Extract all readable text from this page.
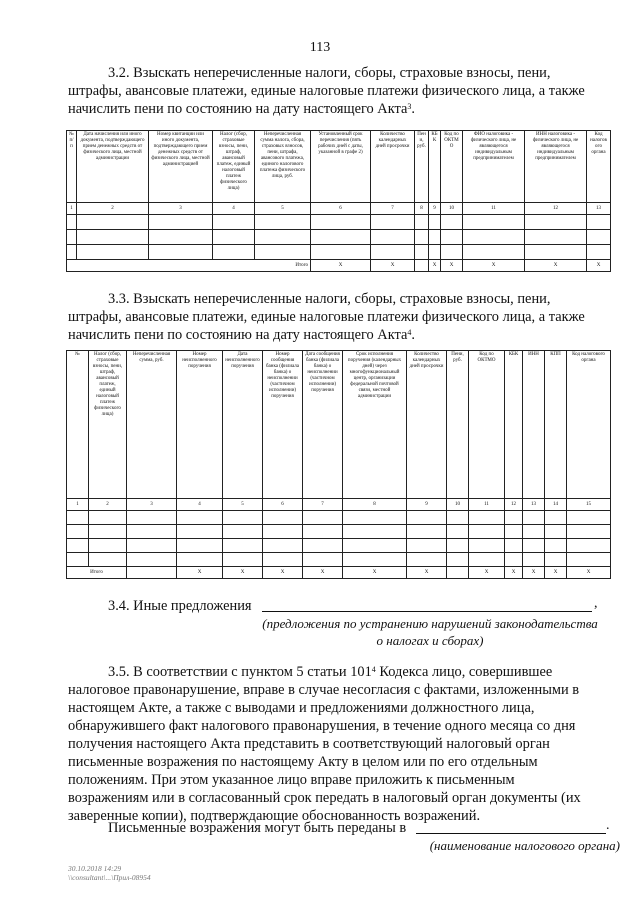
113
3.2. Взыскать неперечисленные налоги, сборы, страховые взносы, пени,
штрафы, авансовые платежи, единые налоговые платежи физического лица, а также
начислить пени по состоянию на дату настоящего Акта$^3$.
№ п/п	Дата начисления или иного документа, подтверждающего прием денежных средств от физического лица, местной администрации	Номер квитанции или иного документа, подтверждающего прием денежных средств от физического лица, местной администрацией	Налог (сбор, страховые взносы, пени, штраф, авансовый платеж, единый налоговый платеж физического лица)	Неперечисленная сумма налога, сбора, страховых взносов, пени, штрафа, авансового платежа, единого налогового платежа физического лица, руб.	Установленный срок перечисления (пять рабочих дней с даты, указанной в графе 2)	Количество календарных дней просрочки	Пени, руб.	КБК	Код по ОКТМО	ФИО налоговика - физического лица, не являющегося индивидуальным предпринимателем	ИНН налоговика - физического лица, не являющегося индивидуальным предпринимателем	Код налогового органа
1	2	3	4	5	6	7	8	9	10	11	12	13

Итого					X	X		X	X	X	X	X
3.3. Взыскать неперечисленные налоги, сборы, страховые взносы, пени,
штрафы, авансовые платежи, единые налоговые платежи физического лица, а также
начислить пени по состоянию на дату настоящего Акта$^4$.
№	Налог (сбор, страховые взносы, пени, штраф, авансовый платеж, единый налоговый платеж физического лица)	Неперечисленная сумма, руб.	Номер неисполненного поручения	Дата неисполненного поручения	Номер сообщения банка (филиала банка) о неисполнении (частичном исполнении) поручения	Дата сообщения банка (филиала банка) о неисполнении (частичном исполнении) поручения	Срок исполнения поручения (календарных дней) через многофункциональный центр, организации федеральной почтовой связи, местной администрации	Количество календарных дней просрочки	Пени, руб.	Код по ОКТМО	КБК	ИНН	КПП	Код налогового органа
1	2	3	4	5	6	7	8	9	10	11	12	13	14	15

Итого			X	X	X	X	X	X		X	X	X	X	X
3.4. Иные предложения	,
(предложения по устранению нарушений законодательства
о налогах и сборах)
3.5. В соответствии с пунктом 5 статьи $101^4$ Кодекса лицо, совершившее
налоговое правонарушение, вправе в случае несогласия с фактами, изложенными в
настоящем Акте, а также с выводами и предложениями должностного лица,
обнаружившего факт налогового правонарушения, в течение одного месяца со дня
получения настоящего Акта представить в соответствующий налоговый орган
письменные возражения по настоящему Акту в целом или по его отдельным
положениям. При этом указанное лицо вправе приложить к письменным
возражениям или в согласованный срок передать в налоговый орган документы (их
заверенные копии), подтверждающие обоснованность возражений.
Письменные возражения могут быть переданы в	.
(наименование налогового органа)
30.10.2018 14:29
\\consultant\...\Прил-08954
